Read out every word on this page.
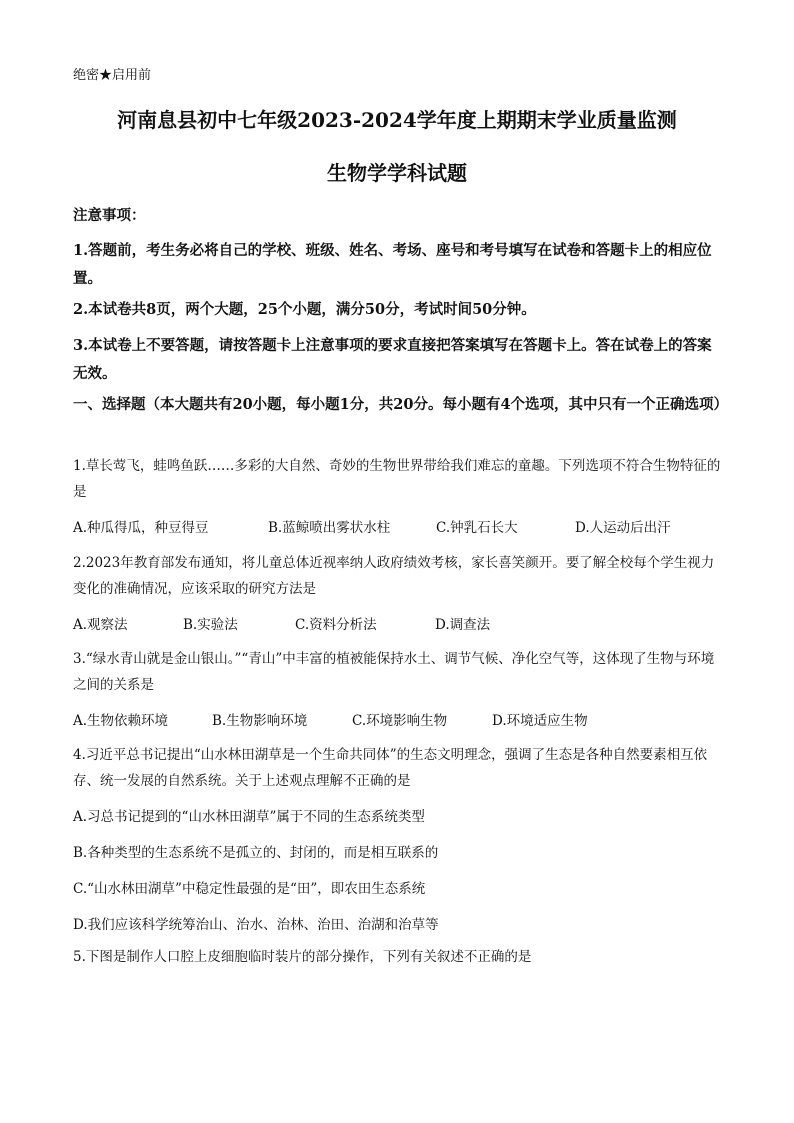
绝密★启用前
河南息县初中七年级2023-2024学年度上期期末学业质量监测
生物学学科试题
注意事项：
1.答题前，考生务必将自己的学校、班级、姓名、考场、座号和考号填写在试卷和答题卡上的相应位置。
2.本试卷共8页，两个大题，25个小题，满分50分，考试时间50分钟。
3.本试卷上不要答题，请按答题卡上注意事项的要求直接把答案填写在答题卡上。答在试卷上的答案无效。
一、选择题（本大题共有20小题，每小题1分，共20分。每小题有4个选项，其中只有一个正确选项）
1.草长莺飞，蛙鸣鱼跃……多彩的大自然、奇妙的生物世界带给我们难忘的童趣。下列选项不符合生物特征的是
A.种瓜得瓜，种豆得豆	B.蓝鲸喷出雾状水柱	C.钟乳石长大	D.人运动后出汗
2.2023年教育部发布通知，将儿童总体近视率纳人政府绩效考核，家长喜笑颜开。要了解全校每个学生视力变化的准确情况，应该采取的研究方法是
A.观察法	B.实验法	C.资料分析法	D.调查法
3.“绿水青山就是金山银山。”“青山”中丰富的植被能保持水土、调节气候、净化空气等，这体现了生物与环境之间的关系是
A.生物依赖环境	B.生物影响环境	C.环境影响生物	D.环境适应生物
4.习近平总书记提出“山水林田湖草是一个生命共同体”的生态文明理念，强调了生态是各种自然要素相互依存、统一发展的自然系统。关于上述观点理解不正确的是
A.习总书记提到的“山水林田湖草”属于不同的生态系统类型
B.各种类型的生态系统不是孤立的、封闭的，而是相互联系的
C.“山水林田湖草”中稳定性最强的是“田”，即农田生态系统
D.我们应该科学统筹治山、治水、治林、治田、治湖和治草等
5.下图是制作人口腔上皮细胞临时装片的部分操作，下列有关叙述不正确的是
